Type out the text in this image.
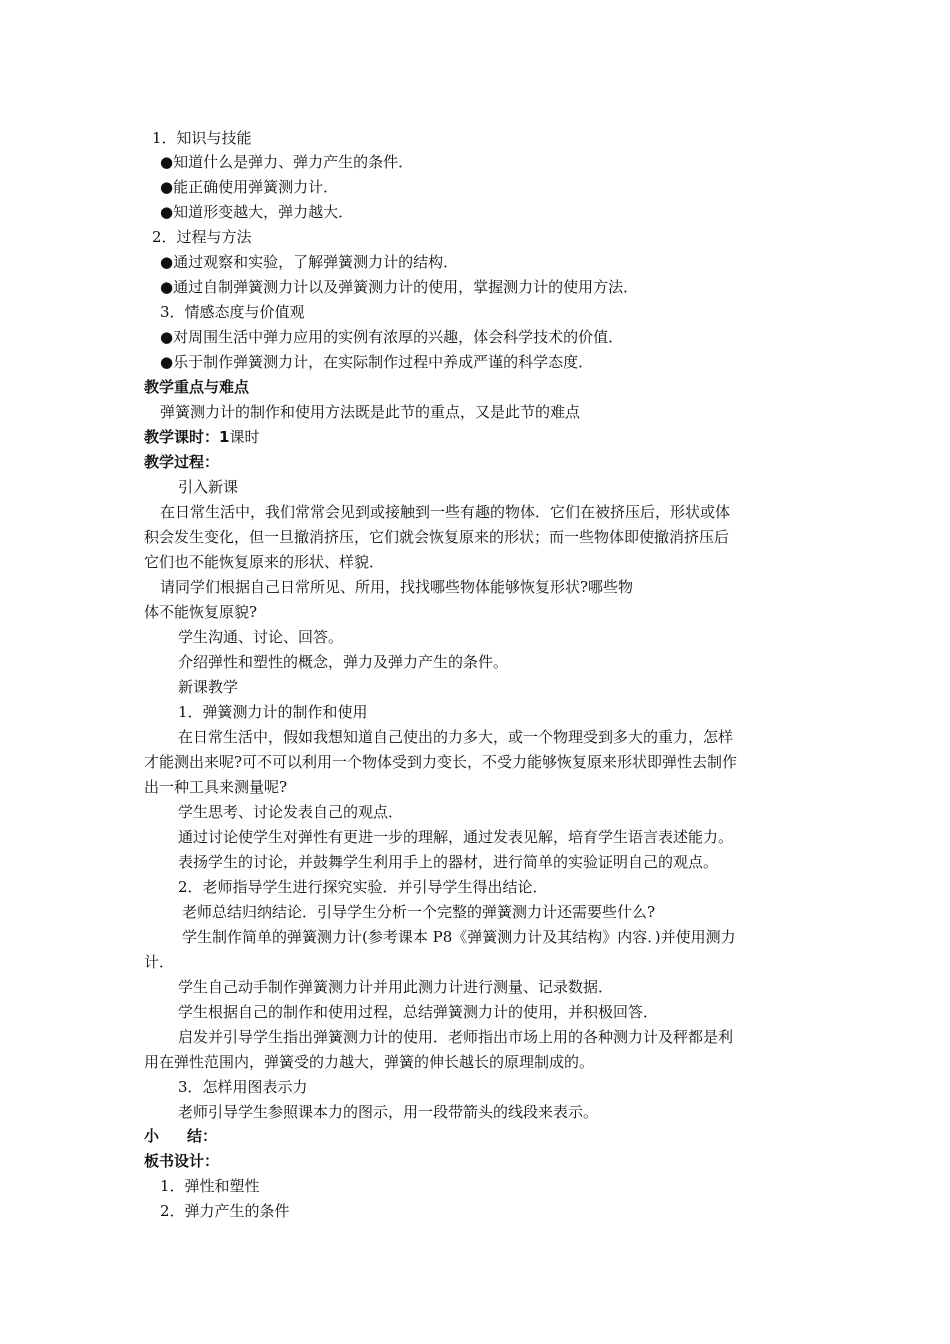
1．知识与技能
●知道什么是弹力、弹力产生的条件．
●能正确使用弹簧测力计．
●知道形变越大，弹力越大．
2．过程与方法
●通过观察和实验，了解弹簧测力计的结构．
●通过自制弹簧测力计以及弹簧测力计的使用，掌握测力计的使用方法．
3．情感态度与价值观
●对周围生活中弹力应用的实例有浓厚的兴趣，体会科学技术的价值．
●乐于制作弹簧测力计，在实际制作过程中养成严谨的科学态度．
教学重点与难点
弹簧测力计的制作和使用方法既是此节的重点，又是此节的难点
教学课时：1课时
教学过程：
引入新课
在日常生活中，我们常常会见到或接触到一些有趣的物体．它们在被挤压后，形状或体
积会发生变化，但一旦撤消挤压，它们就会恢复原来的形状；而一些物体即使撤消挤压后
它们也不能恢复原来的形状、样貌．
请同学们根据自己日常所见、所用，找找哪些物体能够恢复形状?哪些物
体不能恢复原貌?
学生沟通、讨论、回答。
介绍弹性和塑性的概念，弹力及弹力产生的条件。
新课教学
1．弹簧测力计的制作和使用
在日常生活中，假如我想知道自己使出的力多大，或一个物理受到多大的重力，怎样
才能测出来呢?可不可以利用一个物体受到力变长，不受力能够恢复原来形状即弹性去制作
出一种工具来测量呢?
学生思考、讨论发表自己的观点．
通过讨论使学生对弹性有更进一步的理解，通过发表见解，培育学生语言表述能力。
表扬学生的讨论，并鼓舞学生利用手上的器材，进行简单的实验证明自己的观点。
2．老师指导学生进行探究实验．并引导学生得出结论．
老师总结归纳结论．引导学生分析一个完整的弹簧测力计还需要些什么?
学生制作简单的弹簧测力计(参考课本 P8《弹簧测力计及其结构》内容．)并使用测力
计．
学生自己动手制作弹簧测力计并用此测力计进行测量、记录数据．
学生根据自己的制作和使用过程，总结弹簧测力计的使用，并积极回答．
启发并引导学生指出弹簧测力计的使用．老师指出市场上用的各种测力计及秤都是利
用在弹性范围内，弹簧受的力越大，弹簧的伸长越长的原理制成的。
3．怎样用图表示力
老师引导学生参照课本力的图示，用一段带箭头的线段来表示。
小 结：
板书设计：
1．弹性和塑性
2．弹力产生的条件
